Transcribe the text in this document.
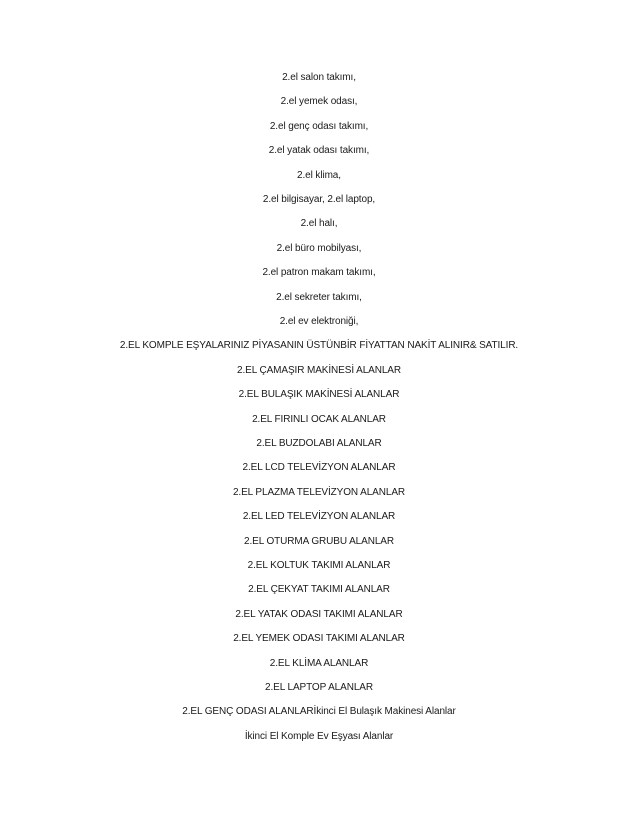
2.el salon takımı,
2.el yemek odası,
2.el genç odası takımı,
2.el yatak odası takımı,
2.el klima,
2.el bilgisayar, 2.el laptop,
2.el halı,
2.el büro mobilyası,
2.el patron makam takımı,
2.el sekreter takımı,
2.el ev elektroniği,
2.EL KOMPLE EŞYALARINIZ PİYASANIN ÜSTÜNBİR FİYATTAN NAKİT ALINIR& SATILIR.
2.EL ÇAMAŞIR MAKİNESİ ALANLAR
2.EL BULAŞIK MAKİNESİ ALANLAR
2.EL FIRINLI OCAK ALANLAR
2.EL BUZDOLABI ALANLAR
2.EL LCD TELEVİZYON ALANLAR
2.EL PLAZMA TELEVİZYON ALANLAR
2.EL LED TELEVİZYON ALANLAR
2.EL OTURMA GRUBU ALANLAR
2.EL KOLTUK TAKIMI ALANLAR
2.EL ÇEKYAT TAKIMI ALANLAR
2.EL YATAK ODASI TAKIMI ALANLAR
2.EL YEMEK ODASI TAKIMI ALANLAR
2.EL KLİMA ALANLAR
2.EL LAPTOP ALANLAR
2.EL GENÇ ODASI ALANLARİkinci El Bulaşık Makinesi Alanlar
İkinci El Komple Ev Eşyası Alanlar
